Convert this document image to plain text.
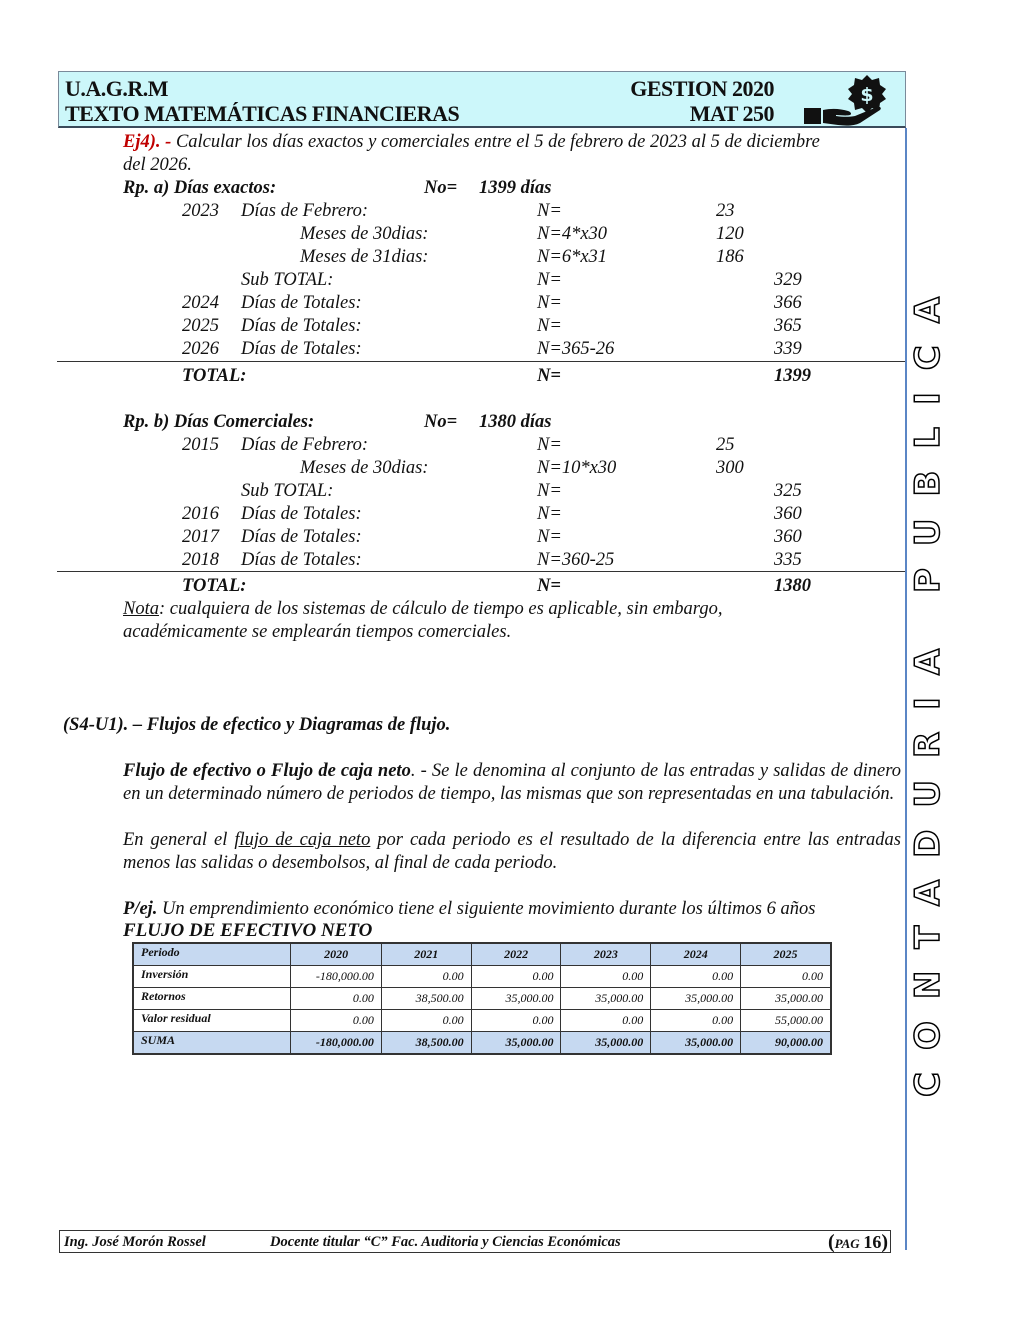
U.A.G.R.M
TEXTO MATEMÁTICAS FINANCIERAS
GESTION 2020
MAT 250
$
CONTADURIA PUBLICA
Ej4). - Calcular los días exactos y comerciales entre el 5 de febrero de 2023 al 5 de diciembre
del 2026.
Rp. a) Días exactos:	No= 1399 días
2023 Días de Febrero:	N=	23
Meses de 30dias:	N=4*x30	120
Meses de 31dias:	N=6*x31	186
Sub TOTAL:	N=	329
2024 Días de Totales:	N=	366
2025 Días de Totales:	N=	365
2026 Días de Totales:	N=365-26	339
TOTAL:	N=	1399
Rp. b) Días Comerciales:	No= 1380 días
2015 Días de Febrero:	N=	25
Meses de 30dias:	N=10*x30	300
Sub TOTAL:	N=	325
2016 Días de Totales:	N=	360
2017 Días de Totales:	N=	360
2018 Días de Totales:	N=360-25	335
TOTAL:	N=	1380
Nota: cualquiera de los sistemas de cálculo de tiempo es aplicable, sin embargo,
académicamente se emplearán tiempos comerciales.
(S4-U1). – Flujos de efectico y Diagramas de flujo.
Flujo de efectivo o Flujo de caja neto. - Se le denomina al conjunto de las entradas y salidas de dinero en un determinado número de periodos de tiempo, las mismas que son representadas en una tabulación.
En general el flujo de caja neto por cada periodo es el resultado de la diferencia entre las entradas menos las salidas o desembolsos, al final de cada periodo.
P/ej. Un emprendimiento económico tiene el siguiente movimiento durante los últimos 6 años
FLUJO DE EFECTIVO NETO
Periodo	2020	2021	2022	2023	2024	2025
Inversión	-180,000.00	0.00	0.00	0.00	0.00	0.00
Retornos	0.00	38,500.00	35,000.00	35,000.00	35,000.00	35,000.00
Valor residual	0.00	0.00	0.00	0.00	0.00	55,000.00
SUMA	-180,000.00	38,500.00	35,000.00	35,000.00	35,000.00	90,000.00
Ing. José Morón Rossel	Docente titular “C” Fac. Auditoria y Ciencias Económicas	(PAG 16)
